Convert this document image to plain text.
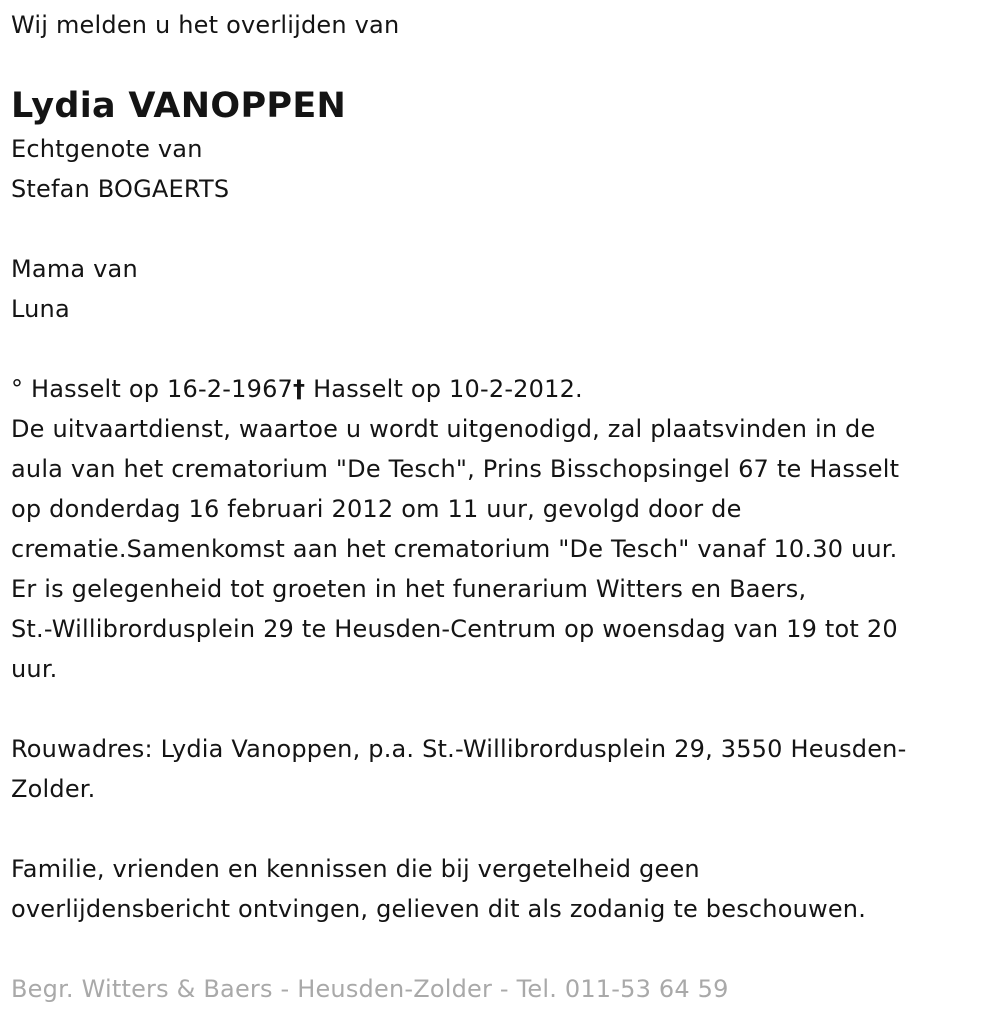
Wij melden u het overlijden van
Lydia VANOPPEN
Echtgenote van
Stefan BOGAERTS
Mama van
Luna
° Hasselt op 16-2-1967† Hasselt op 10-2-2012.
De uitvaartdienst, waartoe u wordt uitgenodigd, zal plaatsvinden in de
aula van het crematorium "De Tesch", Prins Bisschopsingel 67 te Hasselt
op donderdag 16 februari 2012 om 11 uur, gevolgd door de
crematie.Samenkomst aan het crematorium "De Tesch" vanaf 10.30 uur.
Er is gelegenheid tot groeten in het funerarium Witters en Baers,
St.-Willibrordusplein 29 te Heusden-Centrum op woensdag van 19 tot 20
uur.
Rouwadres: Lydia Vanoppen, p.a. St.-Willibrordusplein 29, 3550 Heusden-
Zolder.
Familie, vrienden en kennissen die bij vergetelheid geen
overlijdensbericht ontvingen, gelieven dit als zodanig te beschouwen.
Begr. Witters & Baers - Heusden-Zolder - Tel. 011-53 64 59
